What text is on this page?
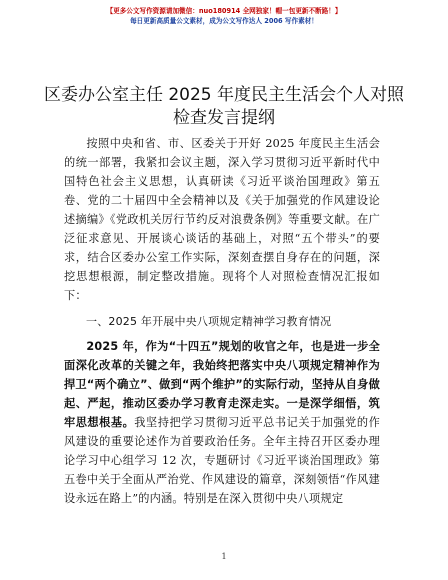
【更多公文写作资源请加微信：nuo180914 全网独家！帽一包更新不断路！】
每日更新高质量公文素材，成为公文写作达人 2006 写作素材！
区委办公室主任 2025 年度民主生活会个人对照检查发言提纲

按照中央和省、市、区委关于开好 2025 年度民主生活会的统一部署，我紧扣会议主题，深入学习贯彻习近平新时代中国特色社会主义思想，认真研读《习近平谈治国理政》第五卷、党的二十届四中全会精神以及《关于加强党的作风建设论述摘编》《党政机关厉行节约反对浪费条例》等重要文献。在广泛征求意见、开展谈心谈话的基础上，对照“五个带头”的要求，结合区委办公室工作实际，深刻查摆自身存在的问题，深挖思想根源，制定整改措施。现将个人对照检查情况汇报如下：

一、2025 年开展中央八项规定精神学习教育情况

2025 年，作为“十四五”规划的收官之年，也是进一步全面深化改革的关键之年，我始终把落实中央八项规定精神作为捍卫“两个确立”、做到“两个维护”的实际行动，坚持从自身做起、严起，推动区委办学习教育走深走实。一是深学细悟，筑牢思想根基。我坚持把学习贯彻习近平总书记关于加强党的作风建设的重要论述作为首要政治任务。全年主持召开区委办理论学习中心组学习 12 次，专题研讨《习近平谈治国理政》第五卷中关于全面从严治党、作风建设的篇章，深刻领悟“作风建设永远在路上”的内涵。特别是在深入贯彻中央八项规定

1
